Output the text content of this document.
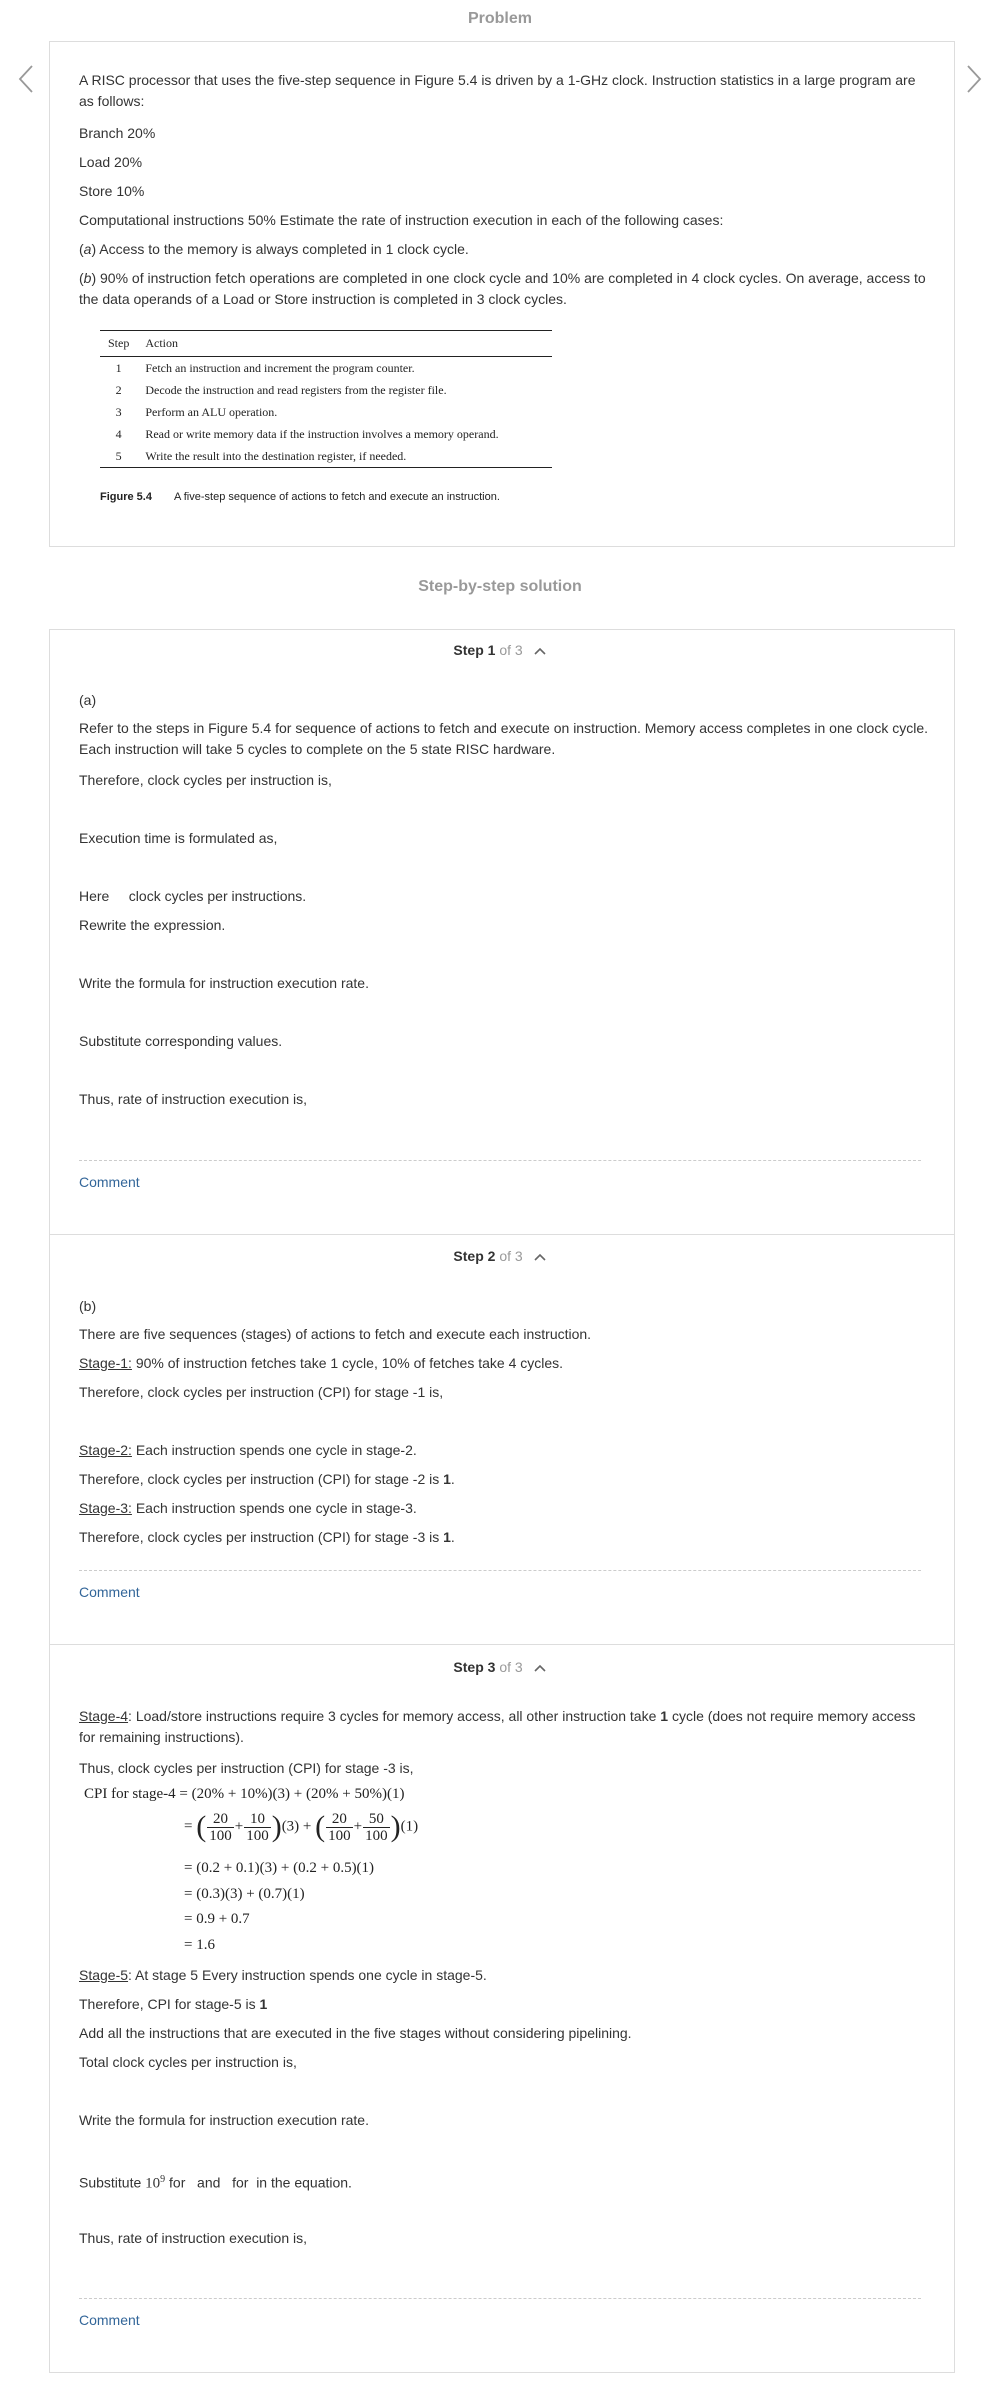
Problem

A RISC processor that uses the five-step sequence in Figure 5.4 is driven by a 1-GHz clock. Instruction statistics in a large program are as follows:

Branch 20%

Load 20%

Store 10%

Computational instructions 50% Estimate the rate of instruction execution in each of the following cases:

(a) Access to the memory is always completed in 1 clock cycle.

(b) 90% of instruction fetch operations are completed in one clock cycle and 10% are completed in 4 clock cycles. On average, access to the data operands of a Load or Store instruction is completed in 3 clock cycles.

Step	Action
1	Fetch an instruction and increment the program counter.
2	Decode the instruction and read registers from the register file.
3	Perform an ALU operation.
4	Read or write memory data if the instruction involves a memory operand.
5	Write the result into the destination register, if needed.
Figure 5.4 A five-step sequence of actions to fetch and execute an instruction.
Step-by-step solution
Step 1 of 3

(a)

Refer to the steps in Figure 5.4 for sequence of actions to fetch and execute on instruction. Memory access completes in one clock cycle. Each instruction will take 5 cycles to complete on the 5 state RISC hardware.

Therefore, clock cycles per instruction is,

Execution time is formulated as,

Here     clock cycles per instructions.

Rewrite the expression.

Write the formula for instruction execution rate.

Substitute corresponding values.

Thus, rate of instruction execution is,

Comment
Step 2 of 3

(b)

There are five sequences (stages) of actions to fetch and execute each instruction.

Stage-1: 90% of instruction fetches take 1 cycle, 10% of fetches take 4 cycles.

Therefore, clock cycles per instruction (CPI) for stage -1 is,

Stage-2: Each instruction spends one cycle in stage-2.

Therefore, clock cycles per instruction (CPI) for stage -2 is 1.

Stage-3: Each instruction spends one cycle in stage-3.

Therefore, clock cycles per instruction (CPI) for stage -3 is 1.

Comment
Step 3 of 3

Stage-4: Load/store instructions require 3 cycles for memory access, all other instruction take 1 cycle (does not require memory access for remaining instructions).

Thus, clock cycles per instruction (CPI) for stage -3 is,

CPI for stage-4 = (20% + 10%)(3) + (20% + 50%)(1)
= ( $\frac{20}{100} + \frac{10}{100} )(3)$ + ( $\frac{20}{100} + \frac{50}{100} )(1)$
= (0.2 + 0.1)(3) + (0.2 + 0.5)(1)
= (0.3)(3) + (0.7)(1)
= 0.9 + 0.7
= 1.6

Stage-5: At stage 5 Every instruction spends one cycle in stage-5.

Therefore, CPI for stage-5 is 1

Add all the instructions that are executed in the five stages without considering pipelining.

Total clock cycles per instruction is,

Write the formula for instruction execution rate.

Substitute $10^9$ for   and   for  in the equation.

Thus, rate of instruction execution is,

Comment
